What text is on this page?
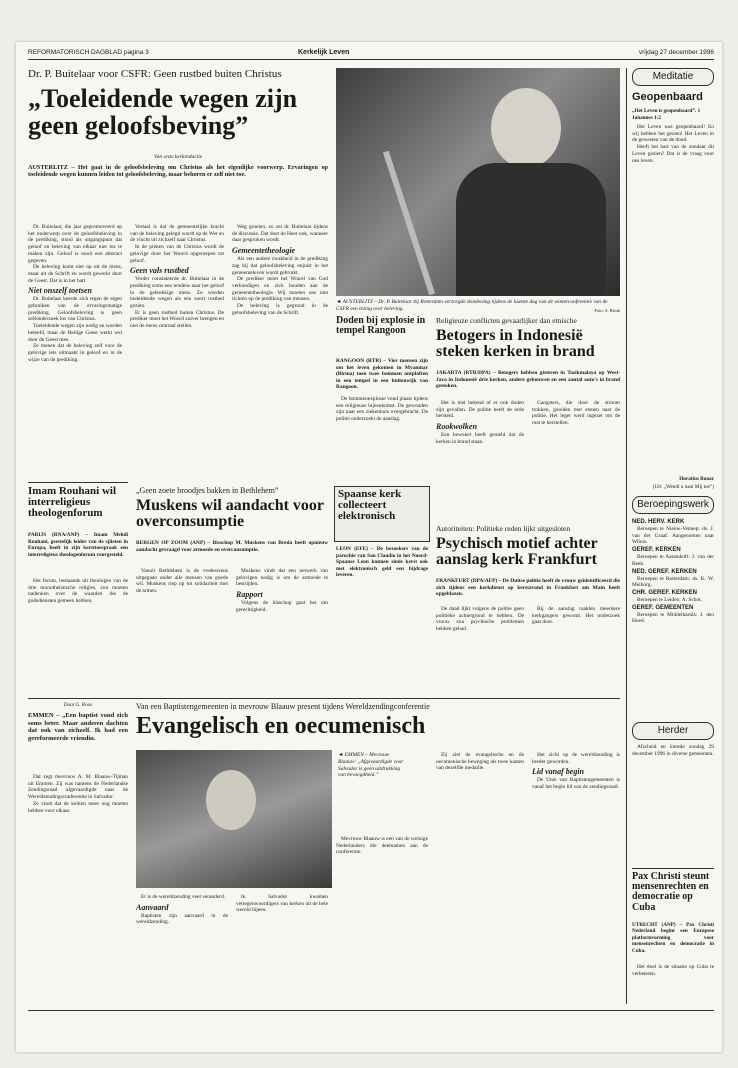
REFORMATORISCH DAGBLAD pagina 3	Kerkelijk Leven	vrijdag 27 december 1996
Dr. P. Buitelaar voor CSFR: Geen rustbed buiten Christus
„Toeleidende wegen zijn geen geloofsbeving”
Van onze kerkredactie
AUSTERLITZ – Het gaat in de geloofsbeleving om Christus als het eigenlijke voorwerp. Ervaringen op toeleidende wegen kunnen leiden tot geloofsbeleving, maar behoren er zelf niet toe.

Dr. Buitelaar, die jaar gepromoveerd op het onderwerp over de geloofsbeleving in de prediking, stond als uitgangspunt dat geloof en beleving van elkaar niet los te maken zijn. Geloof is nooit een abstract gegeven.

De beleving komt niet op uit de mens, maar uit de Schrift en wordt gewerkt door de Geest. Dat is in het hart.

Niet onszelf toetsen

Dr. Buitelaar keerde zich tegen de eigen gebruiken van de ervaringsmatige prediking. Geloofsbeleving is geen zelfonderzoek los van Christus.

Toeleidende wegen zijn nodig en worden beleefd, maar de Heilige Geest werkt wel door de Geest mee.

Ze menen dat de beleving zelf voor de gelovige iets uitmaakt in geloof en in de wijze van de prediking.

Vertaal is dat de gemeentelijke kracht van de beleving gelegd wordt op de Wet en de vlucht uit zichzelf naar Christus.

In de preken van de Christus wordt de gelovige door het Woord opgeroepen tot geloof.

Geen vals rustbed

Verder constateerde dr. Buitelaar in de prediking soms een tendens naar het geloof in de gebrekkige mens. Zo worden toeleidende wegen als een soort rustbed gezien.

Er is geen rustbed buiten Christus. De prediker moet het Woord zuiver brengen en niet de mens centraal stellen.

Weg groeien, zo zei dr. Buitelaar tijdens de discussie. Dat doet de Heer ook, wanneer daar gesproken wordt.

Gemeentetheologie

Als een andere zwakheid in de prediking zag hij dat geloofsbeleving onjuist in het gemeenteleven wordt gebruikt.

De prediker moet het Woord van God verkondigen en zich houden aan de gemeentetheologie. Wij moeten ons niet richten op de prediking van mensen.

De beleving is gegrond in de geloofsbeleving van de Schrift.

◄ AUSTERLITZ – Dr. P. Buitelaar bij Rotterdam verzorgde donderdag tijdens de laatste dag van de winterconferentie van de CSFR een lezing over beleving.	Foto: S. Brink
Doden bij explosie in tempel Rangoon
RANGOON (RTR) – Vier mensen zijn om het leven gekomen in Myanmar (Birma) toen twee bommen ontploften in een tempel in een buitenwijk van Rangoon.

De bommenexplosie vond plaats tijdens een religieuze bijeenkomst. De gewonden zijn naar een ziekenhuis overgebracht. De politie onderzoekt de aanslag.

Spaanse kerk collecteert elektronisch
LEON (EFE) – De bezoekers van de parochie van San Claudio in het Noord-Spaanse Leon kunnen sinds kerst ook met elektronisch geld een bijdrage leveren.
Religieuze conflicten gevaarlijker dan etnische
Betogers in Indonesië steken kerken in brand
JAKARTA (RTR/DPA) – Betogers hebben gisteren in Tasikmalaya op West-Java in Indonesië drie kerken, andere gebouwen en een aantal auto's in brand gestoken.

Het is niet bekend of er ook doden zijn gevallen. De politie heeft de orde hersteld.

Rookwolken

Een bewoner heeft gemeld dat de kerken in brand staan.

Gangsters, die door de stroom trokken, gooiden met stenen naar de politie. Het leger werd ingezet om de rust te herstellen.

Autoriteiten: Politieke reden lijkt uitgesloten
Psychisch motief achter aanslag kerk Frankfurt
FRANKFURT (DPA/AFP) – De Duitse politie heeft de vrouw geïdentificeerd die zich tijdens een kerkdienst op kerstavond in Frankfurt am Main heeft opgeblazen.

De daad lijkt volgens de politie geen politieke achtergrond te hebben. De vrouw zou psychische problemen hebben gehad.

Bij de aanslag raakten meerdere kerkgangers gewond. Het onderzoek gaat door.

Imam Rouhani wil interreligieus theologenforum
PARIJS (RNA/ANP) – Imam Mehdi Rouhani, geestelijk leider van de sjiieten in Europa, heeft in zijn kersttoespraak een interreligieus theologenforum voorgesteld.

Het forum, bestaande uit theologen van de drie monotheïstische religies, zou moeten nadenken over de waarden die de godsdiensten gemeen hebben.

„Geen zoete broodjes bakken in Bethlehem”
Muskens wil aandacht voor overconsumptie
BERGEN OP ZOOM (ANP) – Bisschop M. Muskens van Breda heeft opnieuw aandacht gevraagd voor armoede en overconsumptie.

Vanuit Bethlehem is de vredeswens uitgegaan onder alle mensen van goede wil. Muskens riep op tot solidariteit met de armen.

Muskens vindt dat een netwerk van gelovigen nodig is om de armoede te bestrijden.

Rapport

Volgens de bisschop gaat het om gerechtigheid.

Doot G. Roos
EMMEN – „Een baptist vond zich soms beter. Maar anderen dachten dat ook van zichzelf. Ik had een gereformeerde vriendin.

Dat zegt mevrouw A. M. Blaauw-Tijman uit Emmen. Zij was namens de Nederlandse Zendingsraad afgevaardigde naar de Wereldzendingsconferentie in Salvador.

Ze vindt dat de kerken meer oog moeten hebben voor elkaar.

Van een Baptistengemeenten in mevrouw Blaauw present tijdens Wereldzendingconferentie
Evangelisch en oecumenisch
◄ EMMEN – Mevrouw Blaauw: „Afgevaardigde voor Salvador is geen uitdrukking van bevoegdheid.”

Er is de wereldzending veel veranderd.

Aanvaard

Baptisten zijn aanvaard in de wereldzending.

In Salvador kwamen vertegenwoordigers van kerken uit de hele wereld bijeen.

Mevrouw Blaauw is een van de weinige Nederlanders die deelnamen aan de conferentie.

Zij ziet de evangelische en de oecumenische beweging als twee kanten van dezelfde medaille.

Het zicht op de wereldzending is breder geworden.

Lid vanaf begin

De Unie van Baptistengemeenten is vanaf het begin lid van de zendingsraad.

Meditatie
Geopenbaard
„Het Leven is geopenbaard”. 1 Johannes 1:2

Het Leven was geopenbaard! En wij hebben het gezien! Het Leven in de gewesten van de dood.

Heeft het hart van de zondaar dit Leven gezien? Dat is de vraag voor ons leven.

Horatius Bonar
(Uit: „Wendt u naar Mij toe”)
Beroepingswerk
NED. HERV. KERK

Beroepen te Nieuw-Vennep: ds. J. van der Graaf. Aangenomen naar Wilnis.

GEREF. KERKEN

Beroepen te Assendelft: J. van der Beek.

NED. GEREF. KERKEN

Beroepen te Rotterdam: ds. K. W. Meiborg.

CHR. GEREF. KERKEN

Beroepen te Leiden: A. Schot.

GEREF. GEMEENTEN

Beroepen te Middelharnis: J. den Hoed.

Herder

Afscheid en intrede zondag 29 december 1996 in diverse gemeenten.

Pax Christi steunt mensenrechten en democratie op Cuba
UTRECHT (ANP) – Pax Christi Nederland begint een Europese platformvorming voor mensenrechten en democratie in Cuba.

Het doel is de situatie op Cuba te verbeteren.
